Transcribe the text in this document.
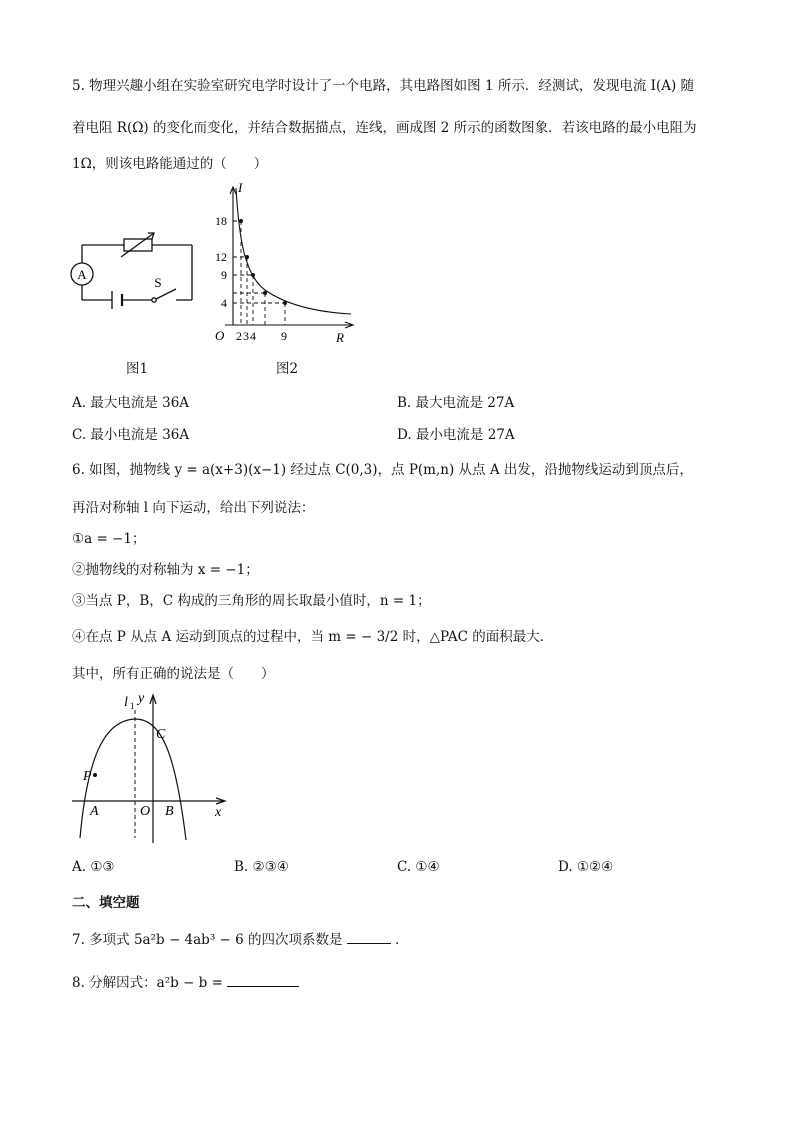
5. 物理兴趣小组在实验室研究电学时设计了一个电路，其电路图如图 1 所示．经测试，发现电流 I(A) 随
着电阻 R(Ω) 的变化而变化，并结合数据描点，连线，画成图 2 所示的函数图象．若该电路的最小电阻为
1Ω，则该电路能通过的（　　）
A
S
图1
I
R
O
18
12
9
4
2 3 4 9
图2
A. 最大电流是 36A	B. 最大电流是 27A
C. 最小电流是 36A	D. 最小电流是 27A
6. 如图，抛物线 y = a(x+3)(x−1) 经过点 C(0,3)，点 P(m,n) 从点 A 出发，沿抛物线运动到顶点后，
再沿对称轴 l 向下运动，给出下列说法：
①a = −1；
②抛物线的对称轴为 x = −1；
③当点 P，B，C 构成的三角形的周长取最小值时，n = 1；
④在点 P 从点 A 运动到顶点的过程中，当 m = − 3/2 时，△PAC 的面积最大．
其中，所有正确的说法是（　　）
l 1 y
C
P
A	O B	x
A. ①③	B. ②③④	C. ①④	D. ①②④
二、填空题
7. 多项式 5a²b − 4ab³ − 6 的四次项系数是	．
8. 分解因式：a²b − b =
